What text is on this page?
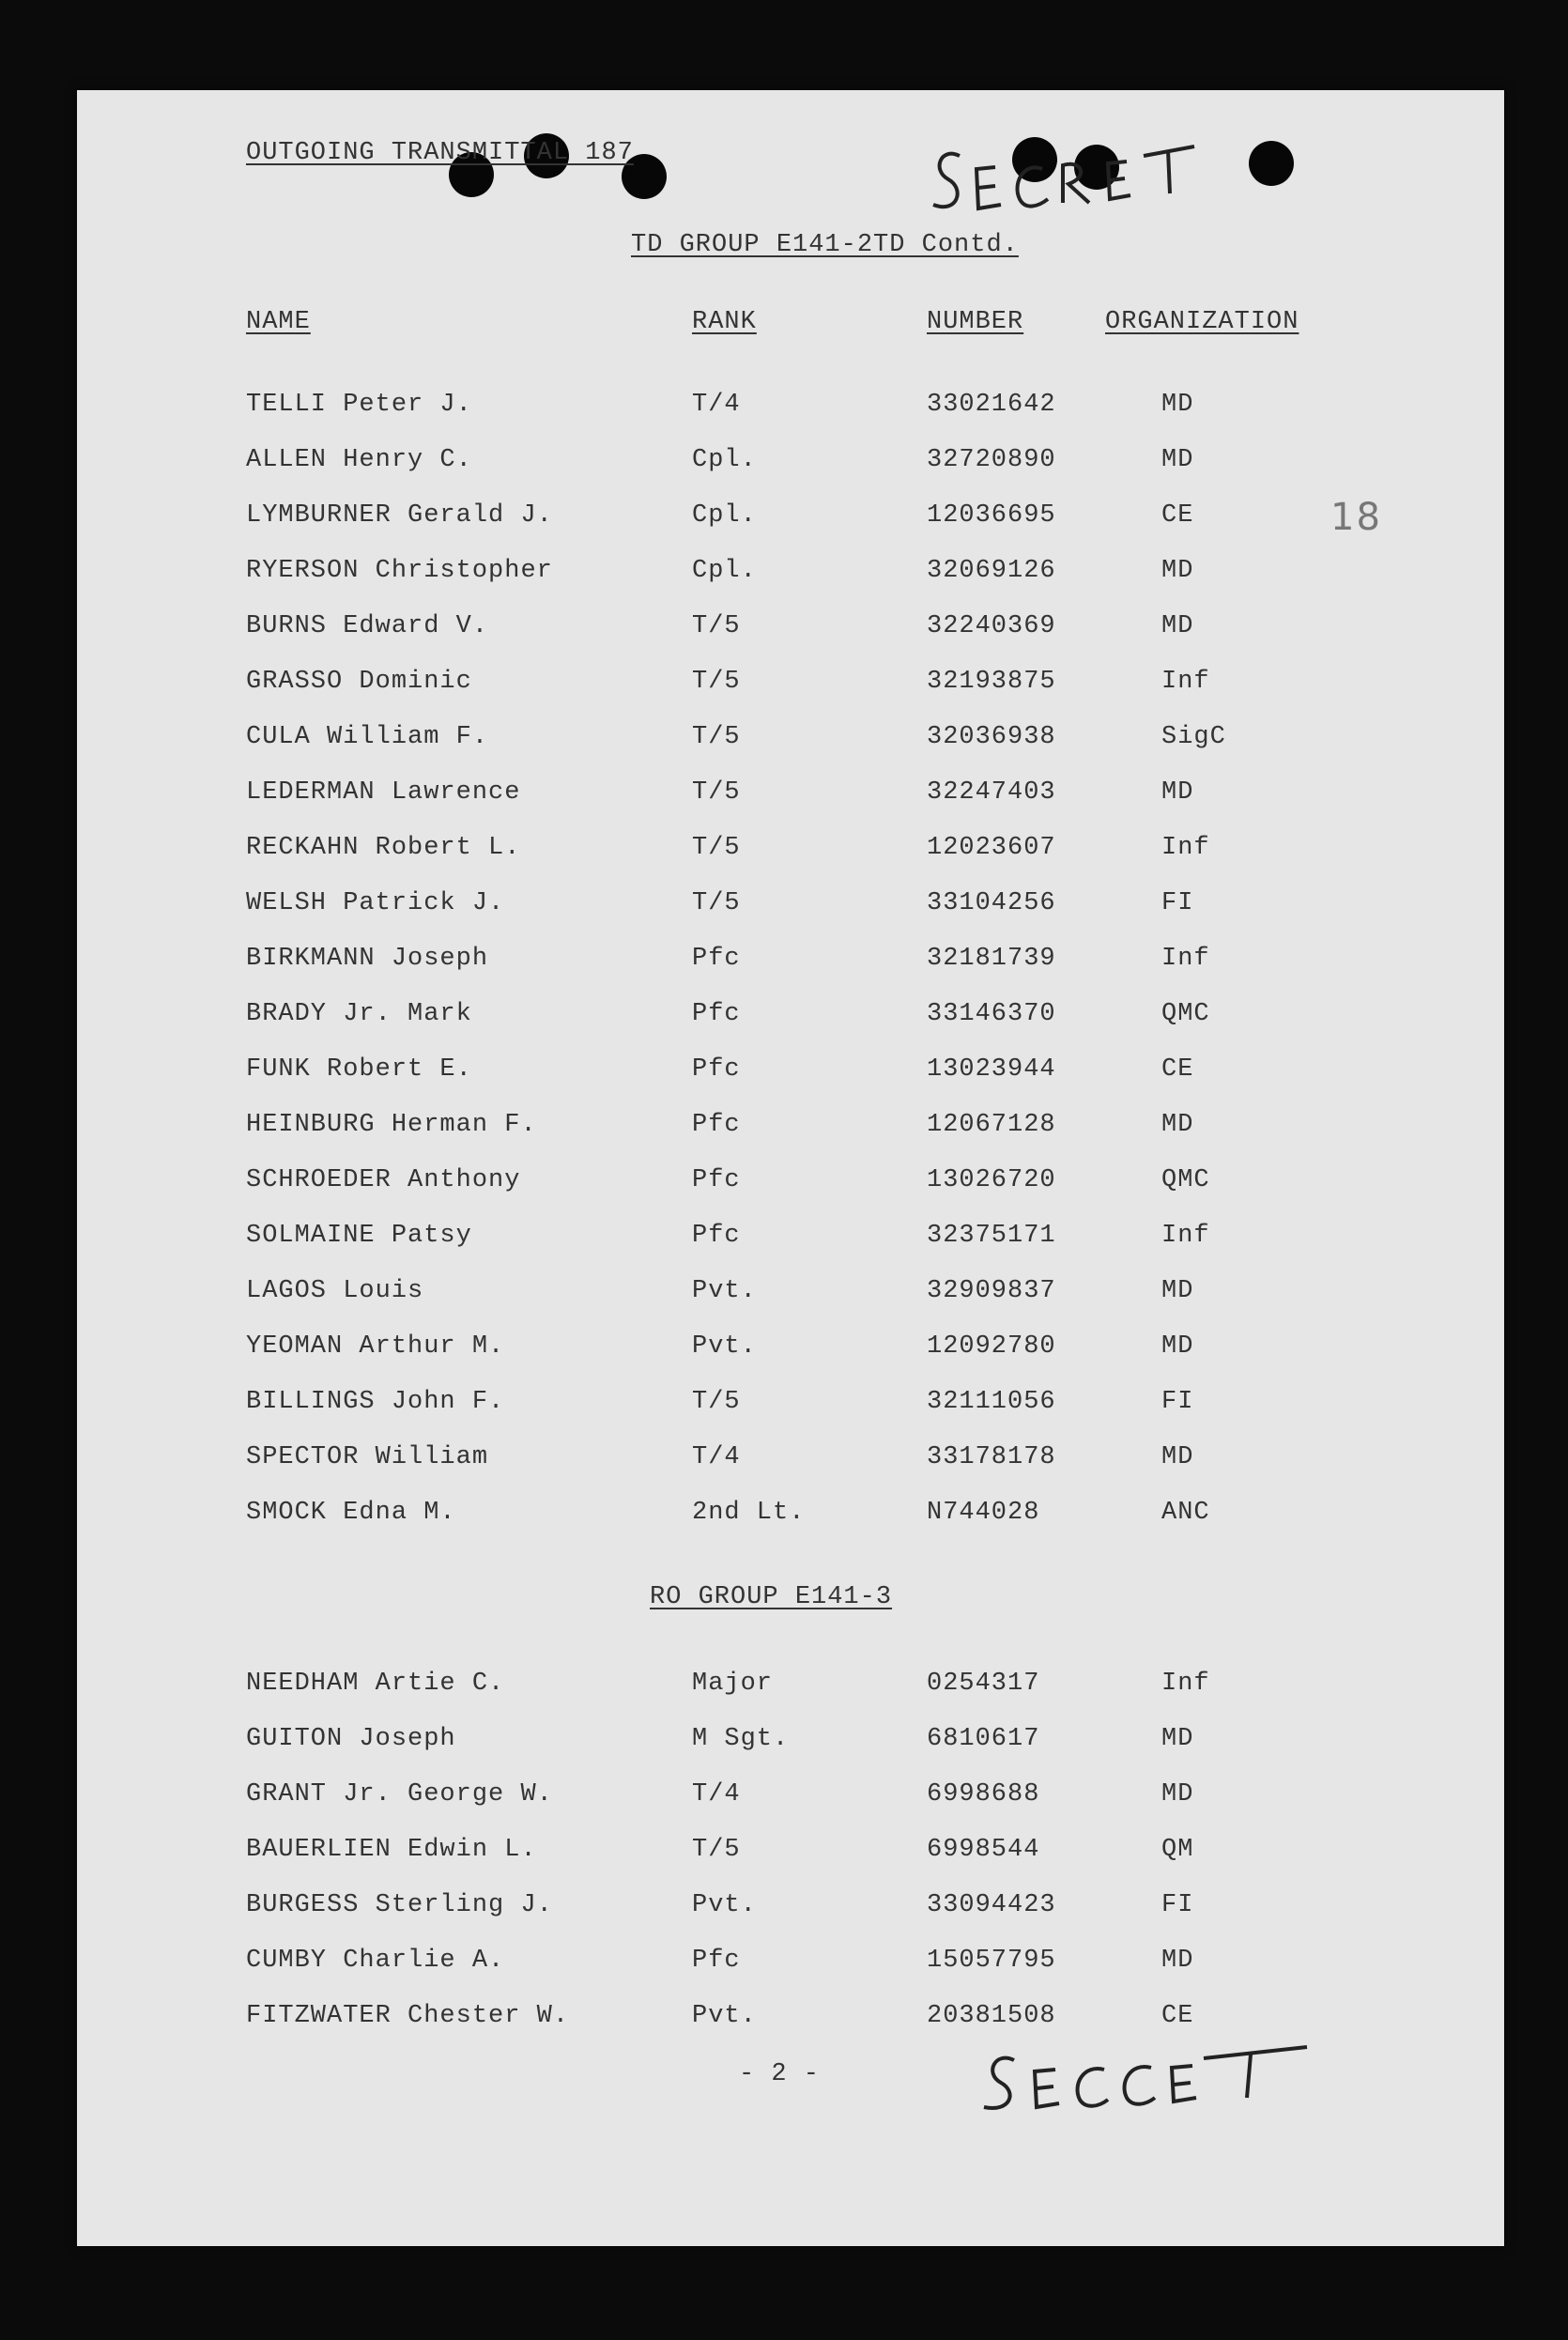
OUTGOING TRANSMITTAL 187
TD GROUP E141-2TD Contd.
NAME	RANK	NUMBER	ORGANIZATION
18
TELLI Peter J.	T/4	33021642	MD
ALLEN Henry C.	Cpl.	32720890	MD
LYMBURNER Gerald J.	Cpl.	12036695	CE
RYERSON Christopher	Cpl.	32069126	MD
BURNS Edward V.	T/5	32240369	MD
GRASSO Dominic	T/5	32193875	Inf
CULA William F.	T/5	32036938	SigC
LEDERMAN Lawrence	T/5	32247403	MD
RECKAHN Robert L.	T/5	12023607	Inf
WELSH Patrick J.	T/5	33104256	FI
BIRKMANN Joseph	Pfc	32181739	Inf
BRADY Jr. Mark	Pfc	33146370	QMC
FUNK Robert E.	Pfc	13023944	CE
HEINBURG Herman F.	Pfc	12067128	MD
SCHROEDER Anthony	Pfc	13026720	QMC
SOLMAINE Patsy	Pfc	32375171	Inf
LAGOS Louis	Pvt.	32909837	MD
YEOMAN Arthur M.	Pvt.	12092780	MD
BILLINGS John F.	T/5	32111056	FI
SPECTOR William	T/4	33178178	MD
SMOCK Edna M.	2nd Lt.	N744028	ANC
RO GROUP E141-3
NEEDHAM Artie C.	Major	0254317	Inf
GUITON Joseph	M Sgt.	6810617	MD
GRANT Jr. George W.	T/4	6998688	MD
BAUERLIEN Edwin L.	T/5	6998544	QM
BURGESS Sterling J.	Pvt.	33094423	FI
CUMBY Charlie A.	Pfc	15057795	MD
FITZWATER Chester W.	Pvt.	20381508	CE
- 2 -
